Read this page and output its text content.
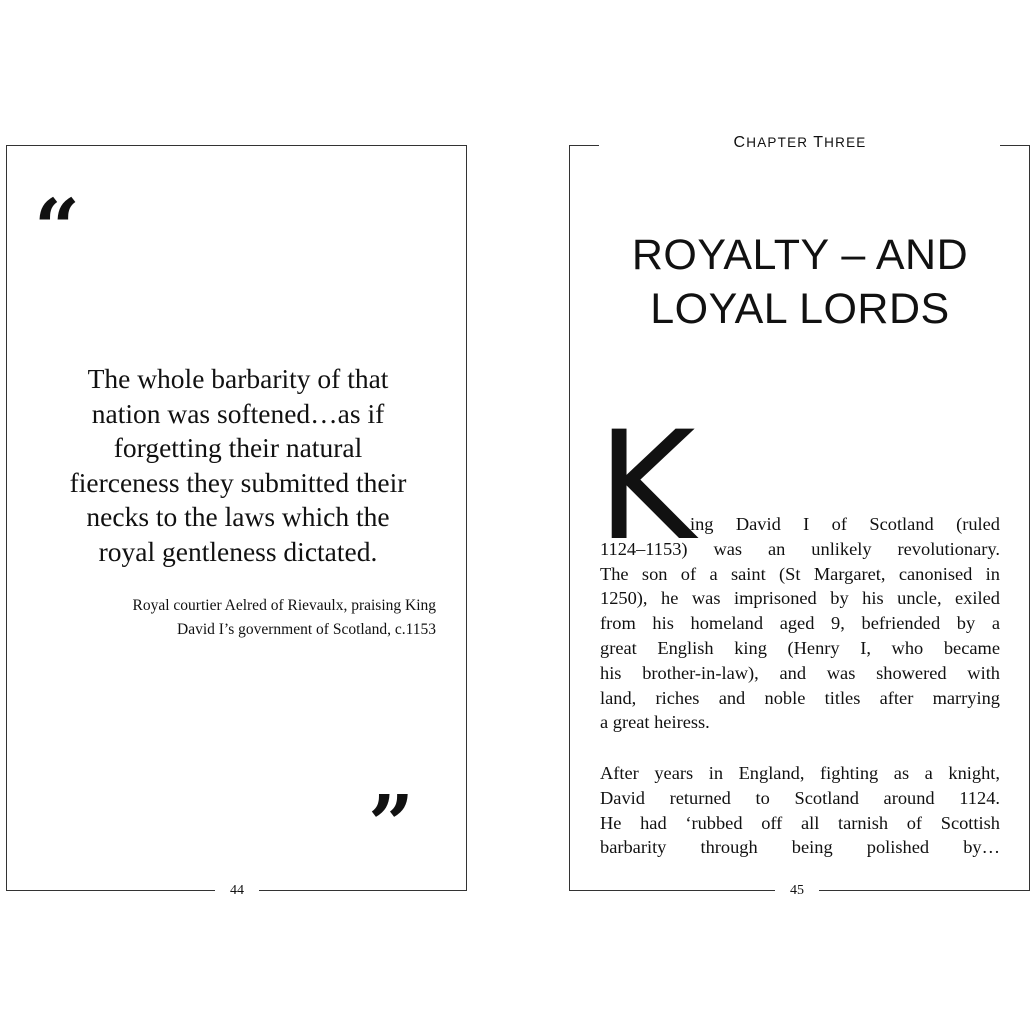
“

The whole barbarity of that
nation was softened…as if
forgetting their natural
fierceness they submitted their
necks to the laws which the
royal gentleness dictated.

Royal courtier Aelred of Rievaulx, praising King
David I’s government of Scotland, c.1153

”
44
CHAPTER THREE
ROYALTY – AND
LOYAL LORDS
K ing David I of Scotland (ruled
1124–1153) was an unlikely revolutionary.
The son of a saint (St Margaret, canonised in
1250), he was imprisoned by his uncle, exiled
from his homeland aged 9, befriended by a
great English king (Henry I, who became
his brother-in-law), and was showered with
land, riches and noble titles after marrying
a great heiress.

After years in England, fighting as a knight,
David returned to Scotland around 1124.
He had ‘rubbed off all tarnish of Scottish
barbarity through being polished by…

45
